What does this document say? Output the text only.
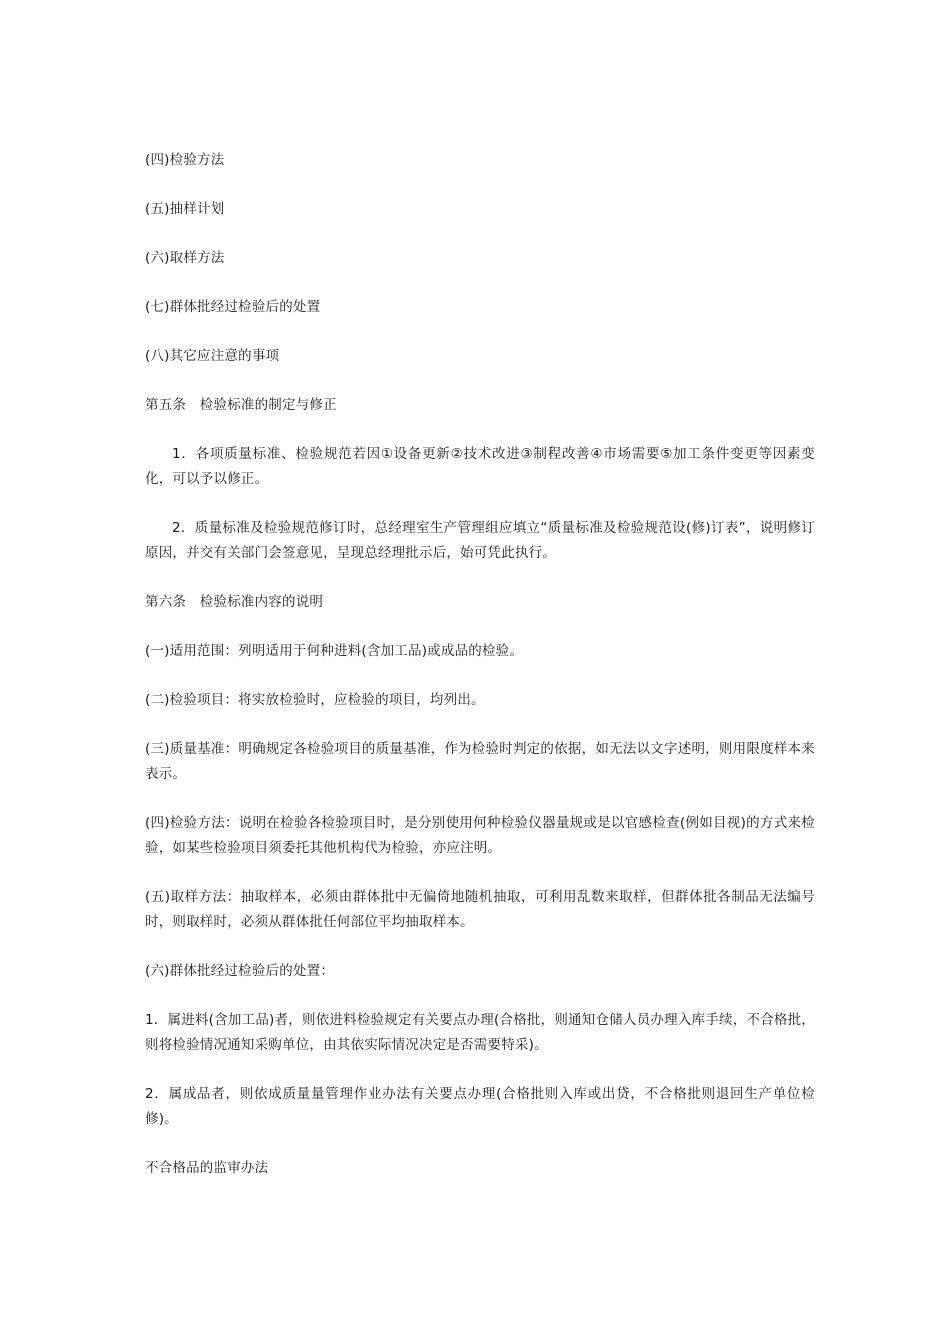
(四)检验方法

(五)抽样计划

(六)取样方法

(七)群体批经过检验后的处置

(八)其它应注意的事项

第五条　检验标准的制定与修正

1．各项质量标准、检验规范若因①设备更新②技术改进③制程改善④市场需要⑤加工条件变更等因素变化，可以予以修正。

2．质量标准及检验规范修订时，总经理室生产管理组应填立“质量标准及检验规范设(修)订表”，说明修订原因，并交有关部门会签意见，呈现总经理批示后，始可凭此执行。

第六条　检验标准内容的说明

(一)适用范围：列明适用于何种进料(含加工品)或成品的检验。

(二)检验项目：将实放检验时，应检验的项目，均列出。

(三)质量基准：明确规定各检验项目的质量基准，作为检验时判定的依据，如无法以文字述明，则用限度样本来表示。

(四)检验方法：说明在检验各检验项目时，是分别使用何种检验仪器量规或是以官感检查(例如目视)的方式来检验，如某些检验项目须委托其他机构代为检验，亦应注明。

(五)取样方法：抽取样本，必须由群体批中无偏倚地随机抽取，可利用乱数来取样，但群体批各制品无法编号时，则取样时，必须从群体批任何部位平均抽取样本。

(六)群体批经过检验后的处置：

1．属进料(含加工品)者，则依进料检验规定有关要点办理(合格批，则通知仓储人员办理入库手续，不合格批，则将检验情况通知采购单位，由其依实际情况决定是否需要特采)。

2．属成品者，则依成质量量管理作业办法有关要点办理(合格批则入库或出贷，不合格批则退回生产单位检修)。

不合格品的监审办法
